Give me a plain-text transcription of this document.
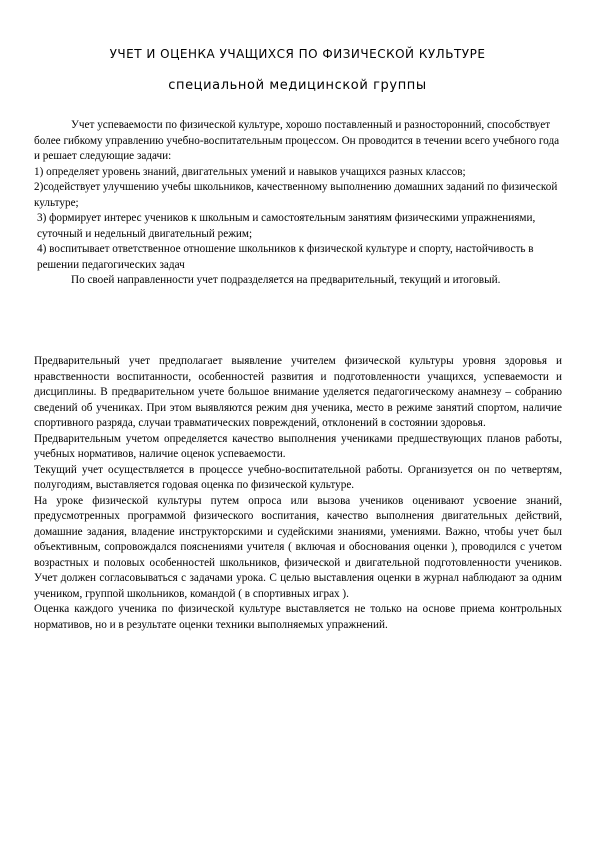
УЧЕТ И ОЦЕНКА УЧАЩИХСЯ ПО ФИЗИЧЕСКОЙ КУЛЬТУРЕ
специальной медицинской группы

Учет успеваемости по физической культуре, хорошо поставленный и разносторонний, способствует более гибкому управлению учебно-воспитательным процессом. Он проводится в течении всего учебного года и решает следующие задачи:

1) определяет уровень знаний, двигательных умений и навыков учащихся разных классов;

2)содействует улучшению учебы школьников, качественному выполнению домашних заданий по физической культуре;

3) формирует интерес учеников к школьным и самостоятельным занятиям физическими упражнениями, суточный и недельный двигательный режим;

4) воспитывает ответственное отношение школьников к физической культуре и спорту, настойчивость в решении педагогических задач

По своей направленности учет подразделяется на предварительный, текущий и итоговый.

Предварительный учет предполагает выявление учителем физической культуры уровня здоровья и нравственности воспитанности, особенностей развития и подготовленности учащихся, успеваемости и дисциплины. В предварительном учете большое внимание уделяется педагогическому анамнезу – собранию сведений об учениках. При этом выявляются режим дня ученика, место в режиме занятий спортом, наличие спортивного разряда, случаи травматических повреждений, отклонений в состоянии здоровья.

Предварительным учетом определяется качество выполнения учениками предшествующих планов работы, учебных нормативов, наличие оценок успеваемости.

Текущий учет осуществляется в процессе учебно-воспитательной работы. Организуется он по четвертям, полугодиям, выставляется годовая оценка по физической культуре.

На уроке физической культуры путем опроса или вызова учеников оценивают усвоение знаний, предусмотренных программой физического воспитания, качество выполнения двигательных действий, домашние задания, владение инструкторскими и судейскими знаниями, умениями. Важно, чтобы учет был объективным, сопровождался пояснениями учителя ( включая и обоснования оценки ), проводился с учетом возрастных и половых особенностей школьников, физической и двигательной подготовленности учеников. Учет должен согласовываться с задачами урока. С целью выставления оценки в журнал наблюдают за одним учеником, группой школьников, командой ( в спортивных играх ).

Оценка каждого ученика по физической культуре выставляется не только на основе приема контрольных нормативов, но и в результате оценки техники выполняемых упражнений.
